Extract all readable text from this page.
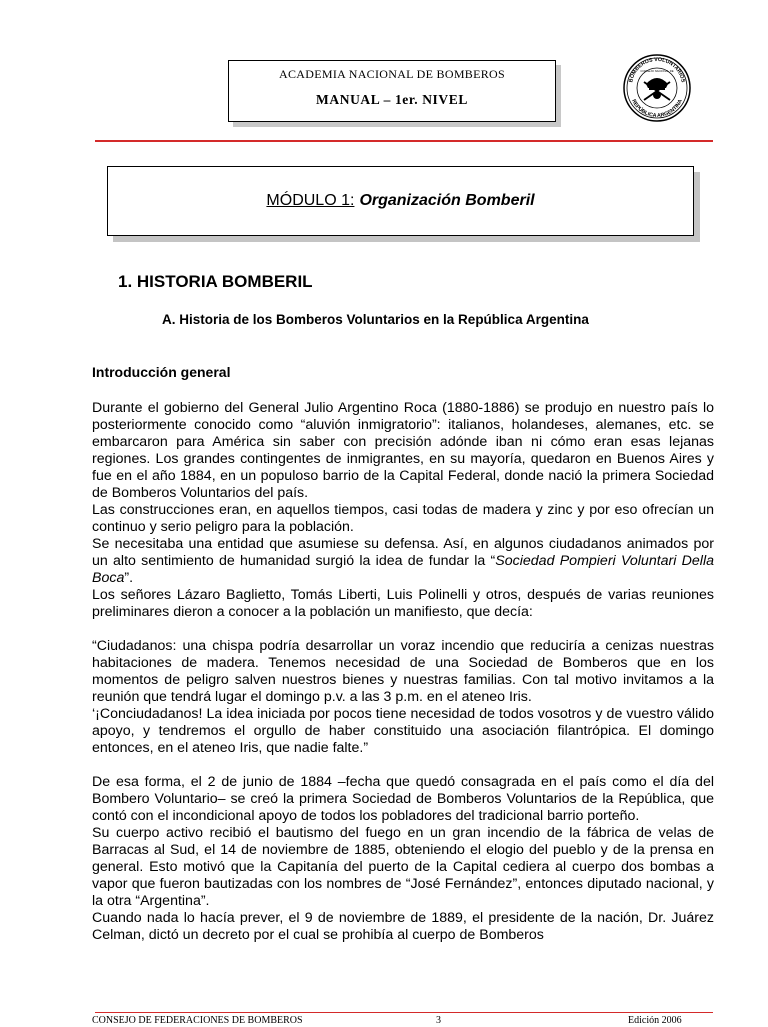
ACADEMIA NACIONAL DE BOMBEROS
MANUAL – 1er. NIVEL
BOMBEROS VOLUNTARIOS
CONSEJO NACIONAL DE
REPÚBLICA ARGENTINA
MÓDULO 1: Organización Bomberil
1. HISTORIA BOMBERIL
A. Historia de los Bomberos Voluntarios en la República Argentina
Introducción general

Durante el gobierno del General Julio Argentino Roca (1880-1886) se produjo en nuestro país lo posteriormente conocido como “aluvión inmigratorio”: italianos, holandeses, alemanes, etc. se embarcaron para América sin saber con precisión adónde iban ni cómo eran esas lejanas regiones. Los grandes contingentes de inmigrantes, en su mayoría, quedaron en Buenos Aires y fue en el año 1884, en un populoso barrio de la Capital Federal, donde nació la primera Sociedad de Bomberos Voluntarios del país.

Las construcciones eran, en aquellos tiempos, casi todas de madera y zinc y por eso ofrecían un continuo y serio peligro para la población.

Se necesitaba una entidad que asumiese su defensa. Así, en algunos ciudadanos animados por un alto sentimiento de humanidad surgió la idea de fundar la “Sociedad Pompieri Voluntari Della Boca”.

Los señores Lázaro Baglietto, Tomás Liberti, Luis Polinelli y otros, después de varias reuniones preliminares dieron a conocer a la población un manifiesto, que decía:

“Ciudadanos: una chispa podría desarrollar un voraz incendio que reduciría a cenizas nuestras habitaciones de madera. Tenemos necesidad de una Sociedad de Bomberos que en los momentos de peligro salven nuestros bienes y nuestras familias. Con tal motivo invitamos a la reunión que tendrá lugar el domingo p.v. a las 3 p.m. en el ateneo Iris.

‘¡Conciudadanos! La idea iniciada por pocos tiene necesidad de todos vosotros y de vuestro válido apoyo, y tendremos el orgullo de haber constituido una asociación filantrópica. El domingo entonces, en el ateneo Iris, que nadie falte.”

De esa forma, el 2 de junio de 1884 –fecha que quedó consagrada en el país como el día del Bombero Voluntario– se creó la primera Sociedad de Bomberos Voluntarios de la República, que contó con el incondicional apoyo de todos los pobladores del tradicional barrio porteño.

Su cuerpo activo recibió el bautismo del fuego en un gran incendio de la fábrica de velas de Barracas al Sud, el 14 de noviembre de 1885, obteniendo el elogio del pueblo y de la prensa en general. Esto motivó que la Capitanía del puerto de la Capital cediera al cuerpo dos bombas a vapor que fueron bautizadas con los nombres de “José Fernández”, entonces diputado nacional, y la otra “Argentina”.

Cuando nada lo hacía prever, el 9 de noviembre de 1889, el presidente de la nación, Dr. Juárez Celman, dictó un decreto por el cual se prohibía al cuerpo de Bomberos

CONSEJO DE FEDERACIONES DE BOMBEROS	3	Edición 2006
